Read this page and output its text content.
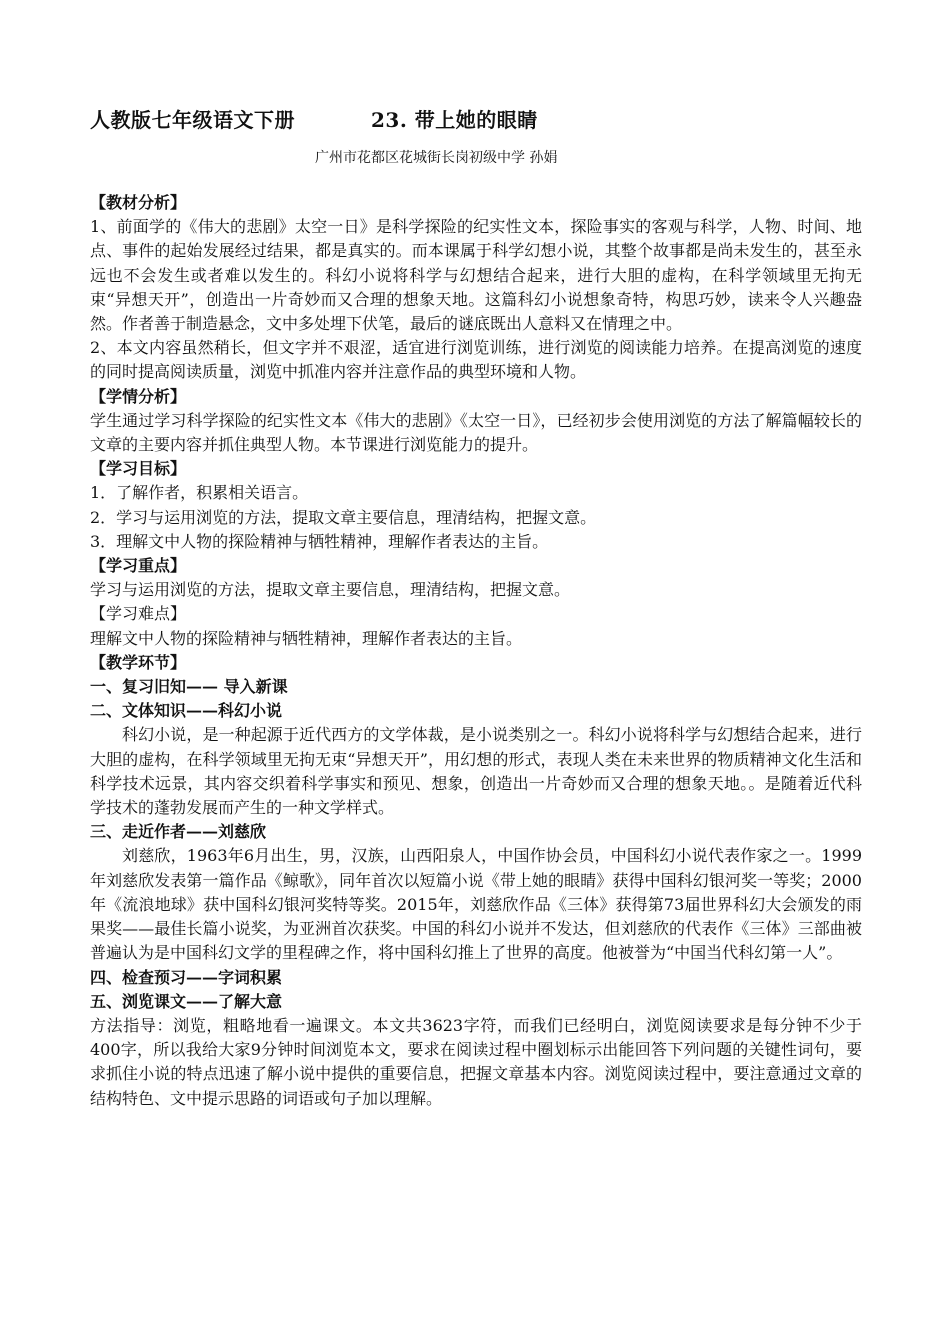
人教版七年级语文下册	23. 带上她的眼睛
广州市花都区花城街长岗初级中学 孙娟

【教材分析】

1、前面学的《伟大的悲剧》太空一日》是科学探险的纪实性文本，探险事实的客观与科学，人物、时间、地点、事件的起始发展经过结果，都是真实的。而本课属于科学幻想小说，其整个故事都是尚未发生的，甚至永远也不会发生或者难以发生的。科幻小说将科学与幻想结合起来，进行大胆的虚构，在科学领域里无拘无束“异想天开”，创造出一片奇妙而又合理的想象天地。这篇科幻小说想象奇特，构思巧妙，读来令人兴趣盎然。作者善于制造悬念，文中多处埋下伏笔，最后的谜底既出人意料又在情理之中。

2、本文内容虽然稍长，但文字并不艰涩，适宜进行浏览训练，进行浏览的阅读能力培养。在提高浏览的速度的同时提高阅读质量，浏览中抓准内容并注意作品的典型环境和人物。

【学情分析】

学生通过学习科学探险的纪实性文本《伟大的悲剧》《太空一日》，已经初步会使用浏览的方法了解篇幅较长的文章的主要内容并抓住典型人物。本节课进行浏览能力的提升。

【学习目标】

1．了解作者，积累相关语言。

2．学习与运用浏览的方法，提取文章主要信息，理清结构，把握文意。

3．理解文中人物的探险精神与牺牲精神，理解作者表达的主旨。

【学习重点】

学习与运用浏览的方法，提取文章主要信息，理清结构，把握文意。

【学习难点】

理解文中人物的探险精神与牺牲精神，理解作者表达的主旨。

【教学环节】

一、复习旧知—— 导入新课

二、文体知识——科幻小说

科幻小说，是一种起源于近代西方的文学体裁，是小说类别之一。科幻小说将科学与幻想结合起来，进行大胆的虚构，在科学领域里无拘无束“异想天开”，用幻想的形式，表现人类在未来世界的物质精神文化生活和科学技术远景，其内容交织着科学事实和预见、想象，创造出一片奇妙而又合理的想象天地。。是随着近代科学技术的蓬勃发展而产生的一种文学样式。

三、走近作者——刘慈欣

刘慈欣，1963年6月出生，男，汉族，山西阳泉人，中国作协会员，中国科幻小说代表作家之一。1999年刘慈欣发表第一篇作品《鲸歌》，同年首次以短篇小说《带上她的眼睛》获得中国科幻银河奖一等奖；2000年《流浪地球》获中国科幻银河奖特等奖。2015年，刘慈欣作品《三体》获得第73届世界科幻大会颁发的雨果奖——最佳长篇小说奖，为亚洲首次获奖。中国的科幻小说并不发达，但刘慈欣的代表作《三体》三部曲被普遍认为是中国科幻文学的里程碑之作，将中国科幻推上了世界的高度。他被誉为“中国当代科幻第一人”。

四、检查预习——字词积累

五、浏览课文——了解大意

方法指导：浏览，粗略地看一遍课文。本文共3623字符，而我们已经明白，浏览阅读要求是每分钟不少于400字，所以我给大家9分钟时间浏览本文，要求在阅读过程中圈划标示出能回答下列问题的关键性词句，要求抓住小说的特点迅速了解小说中提供的重要信息，把握文章基本内容。浏览阅读过程中，要注意通过文章的结构特色、文中提示思路的词语或句子加以理解。
